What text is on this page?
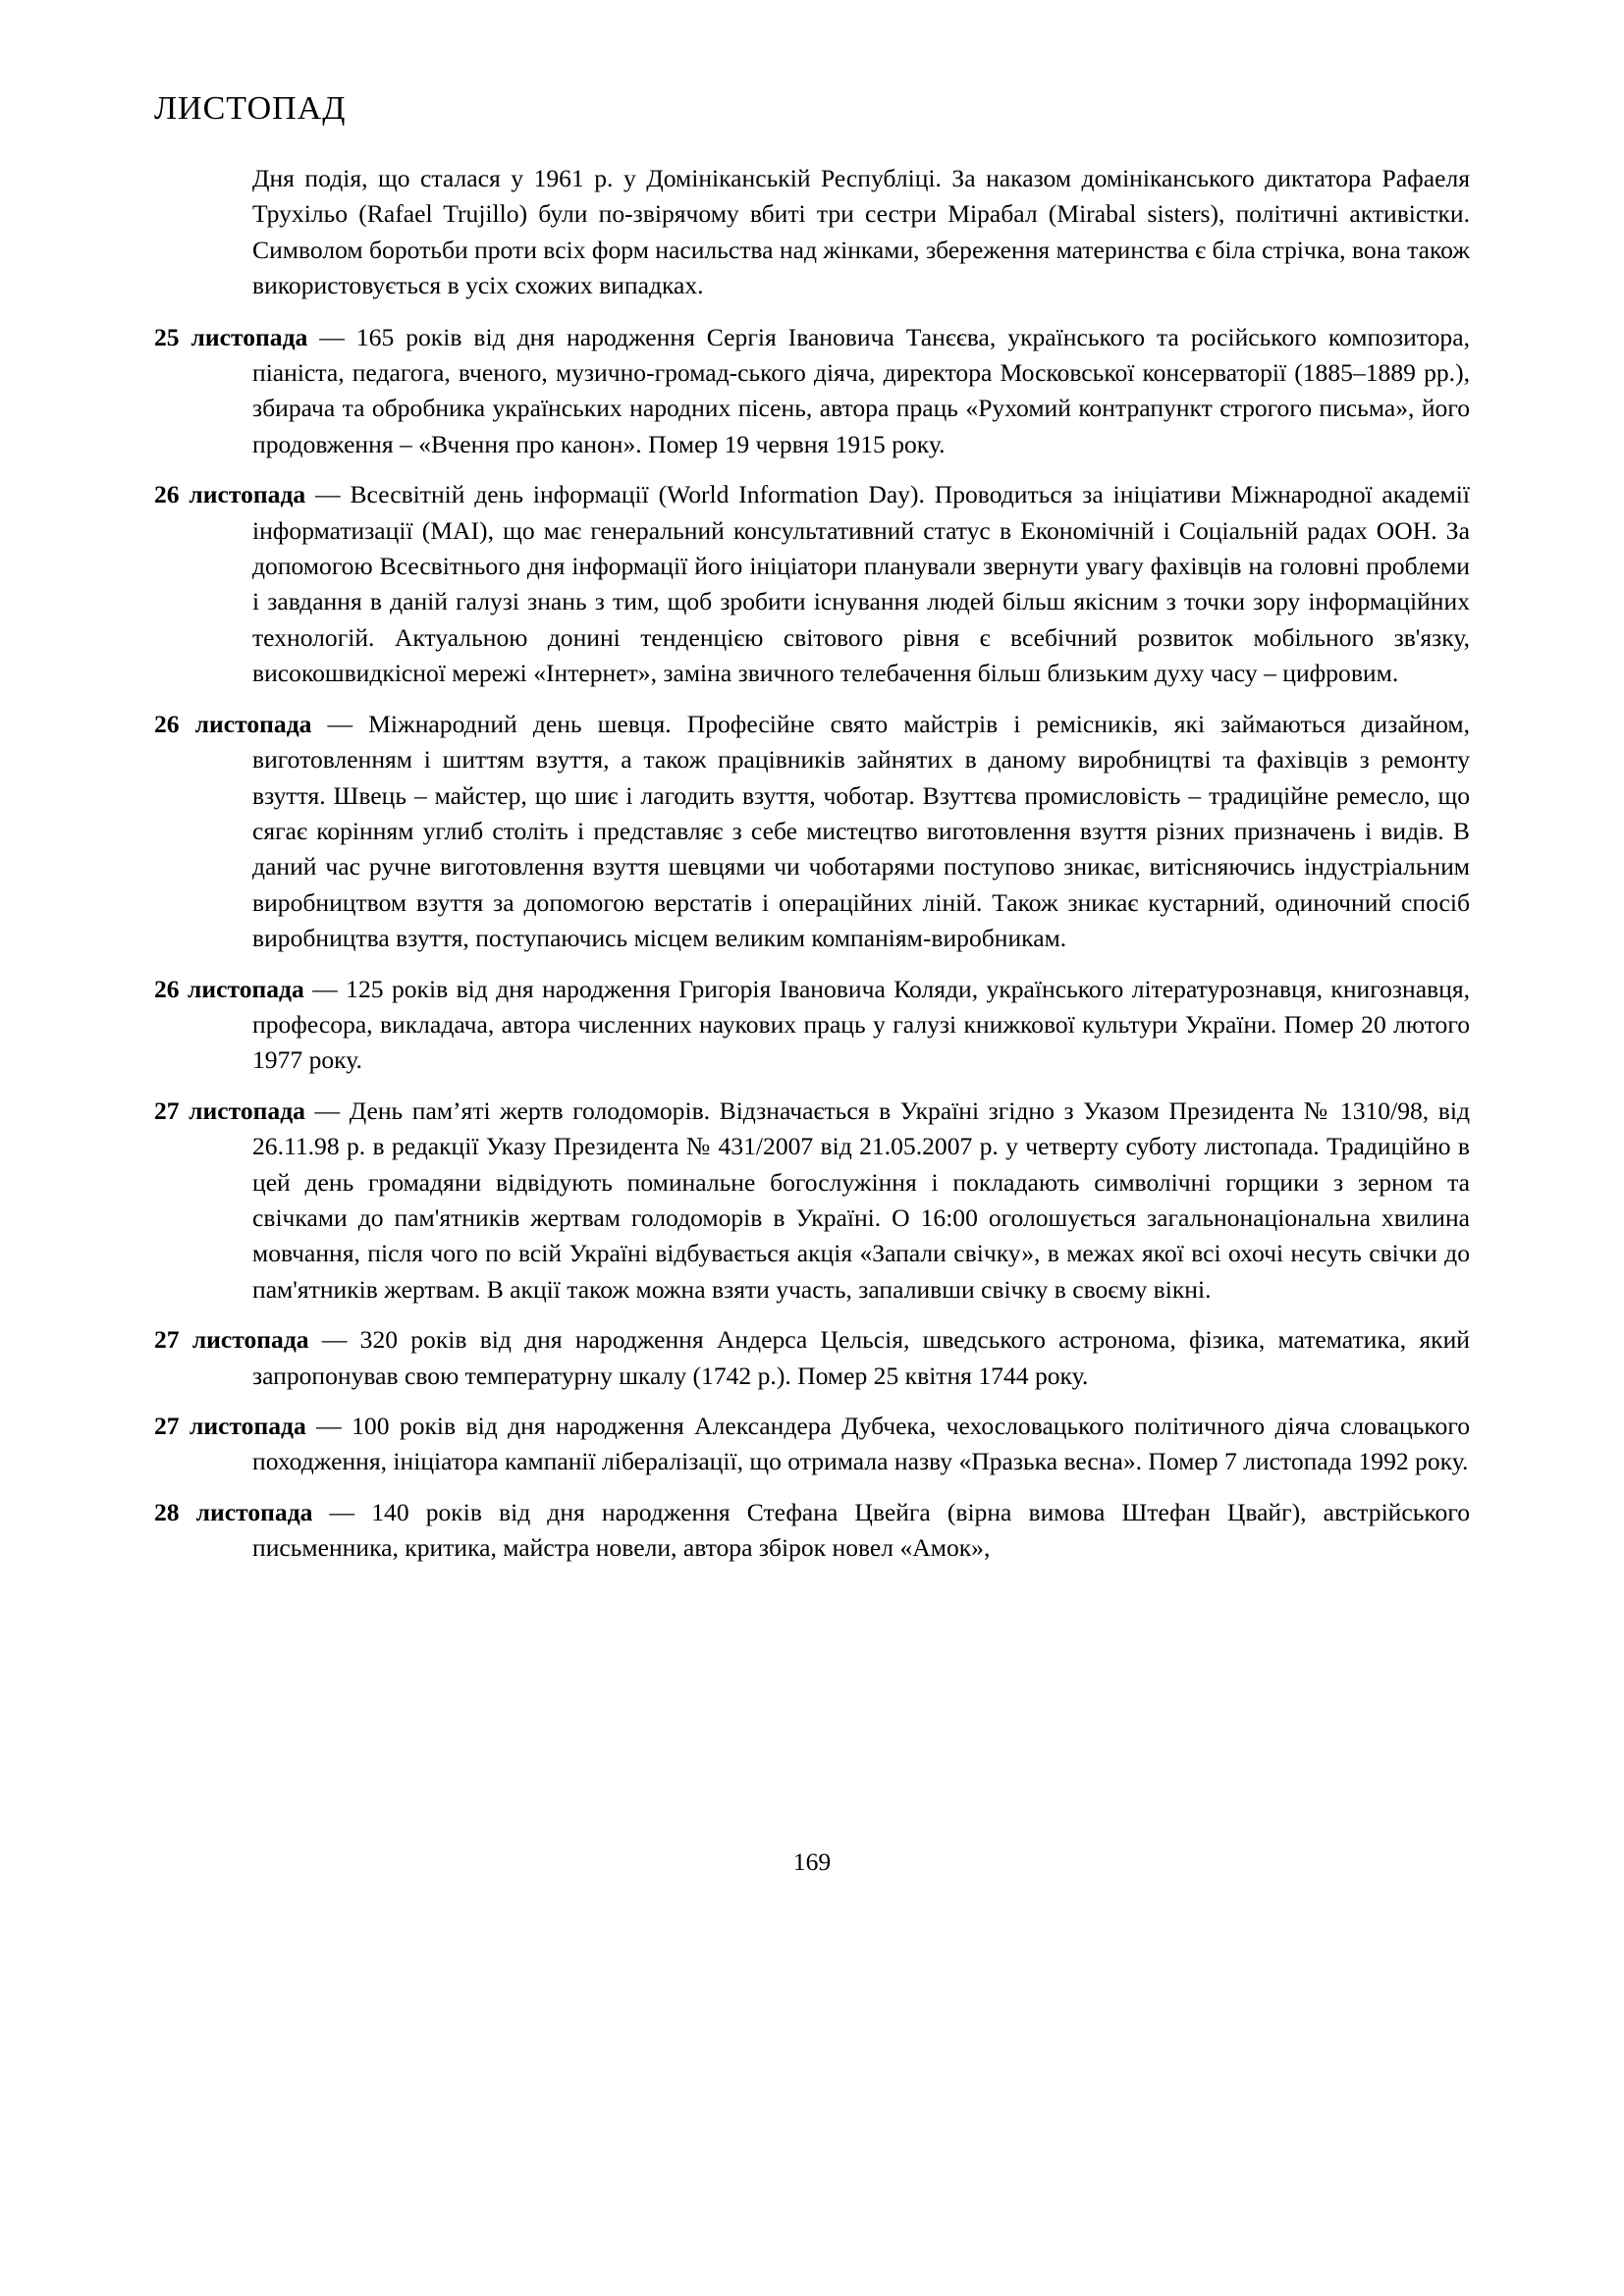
ЛИСТОПАД

Дня подія, що сталася у 1961 р. у Домініканській Республіці. За наказом домініканського диктатора Рафаеля Трухільо (Rafael Trujillo) були по-звірячому вбиті три сестри Мірабал (Mirabal sisters), політичні активістки. Символом боротьби проти всіх форм насильства над жінками, збереження материнства є біла стрічка, вона також використовується в усіх схожих випадках.

25 листопада — 165 років від дня народження Сергія Івановича Танєєва, українського та російського композитора, піаніста, педагога, вченого, музично-громад-ського діяча, директора Московської консерваторії (1885–1889 рр.), збирача та обробника українських народних пісень, автора праць «Рухомий контрапункт строгого письма», його продовження – «Вчення про канон». Помер 19 червня 1915 року.

26 листопада — Всесвітній день інформації (World Information Day). Проводиться за ініціативи Міжнародної академії інформатизації (МАІ), що має генеральний консультативний статус в Економічній і Соціальній радах ООН. За допомогою Всесвітнього дня інформації його ініціатори планували звернути увагу фахівців на головні проблеми і завдання в даній галузі знань з тим, щоб зробити існування людей більш якісним з точки зору інформаційних технологій. Актуальною донині тенденцією світового рівня є всебічний розвиток мобільного зв'язку, високошвидкісної мережі «Інтернет», заміна звичного телебачення більш близьким духу часу – цифровим.

26 листопада — Міжнародний день шевця. Професійне свято майстрів і ремісників, які займаються дизайном, виготовленням і шиттям взуття, а також працівників зайнятих в даному виробництві та фахівців з ремонту взуття. Швець – майстер, що шиє і лагодить взуття, чоботар. Взуттєва промисловість – традиційне ремесло, що сягає корінням углиб століть і представляє з себе мистецтво виготовлення взуття різних призначень і видів. В даний час ручне виготовлення взуття шевцями чи чоботарями поступово зникає, витісняючись індустріальним виробництвом взуття за допомогою верстатів і операційних ліній. Також зникає кустарний, одиночний спосіб виробництва взуття, поступаючись місцем великим компаніям-виробникам.

26 листопада — 125 років від дня народження Григорія Івановича Коляди, українського літературознавця, книгознавця, професора, викладача, автора численних наукових праць у галузі книжкової культури України. Помер 20 лютого 1977 року.

27 листопада — День пам’яті жертв голодоморів. Відзначається в Україні згідно з Указом Президента № 1310/98, від 26.11.98 р. в редакції Указу Президента № 431/2007 від 21.05.2007 р. у четверту суботу листопада. Традиційно в цей день громадяни відвідують поминальне богослужіння і покладають символічні горщики з зерном та свічками до пам'ятників жертвам голодоморів в Україні. О 16:00 оголошується загальнонаціональна хвилина мовчання, після чого по всій Україні відбувається акція «Запали свічку», в межах якої всі охочі несуть свічки до пам'ятників жертвам. В акції також можна взяти участь, запаливши свічку в своєму вікні.

27 листопада — 320 років від дня народження Андерса Цельсія, шведського астронома, фізика, математика, який запропонував свою температурну шкалу (1742 р.). Помер 25 квітня 1744 року.

27 листопада — 100 років від дня народження Александера Дубчека, чехословацького політичного діяча словацького походження, ініціатора кампанії лібералізації, що отримала назву «Празька весна». Помер 7 листопада 1992 року.

28 листопада — 140 років від дня народження Стефана Цвейга (вірна вимова Штефан Цвайг), австрійського письменника, критика, майстра новели, автора збірок новел «Амок»,

169
